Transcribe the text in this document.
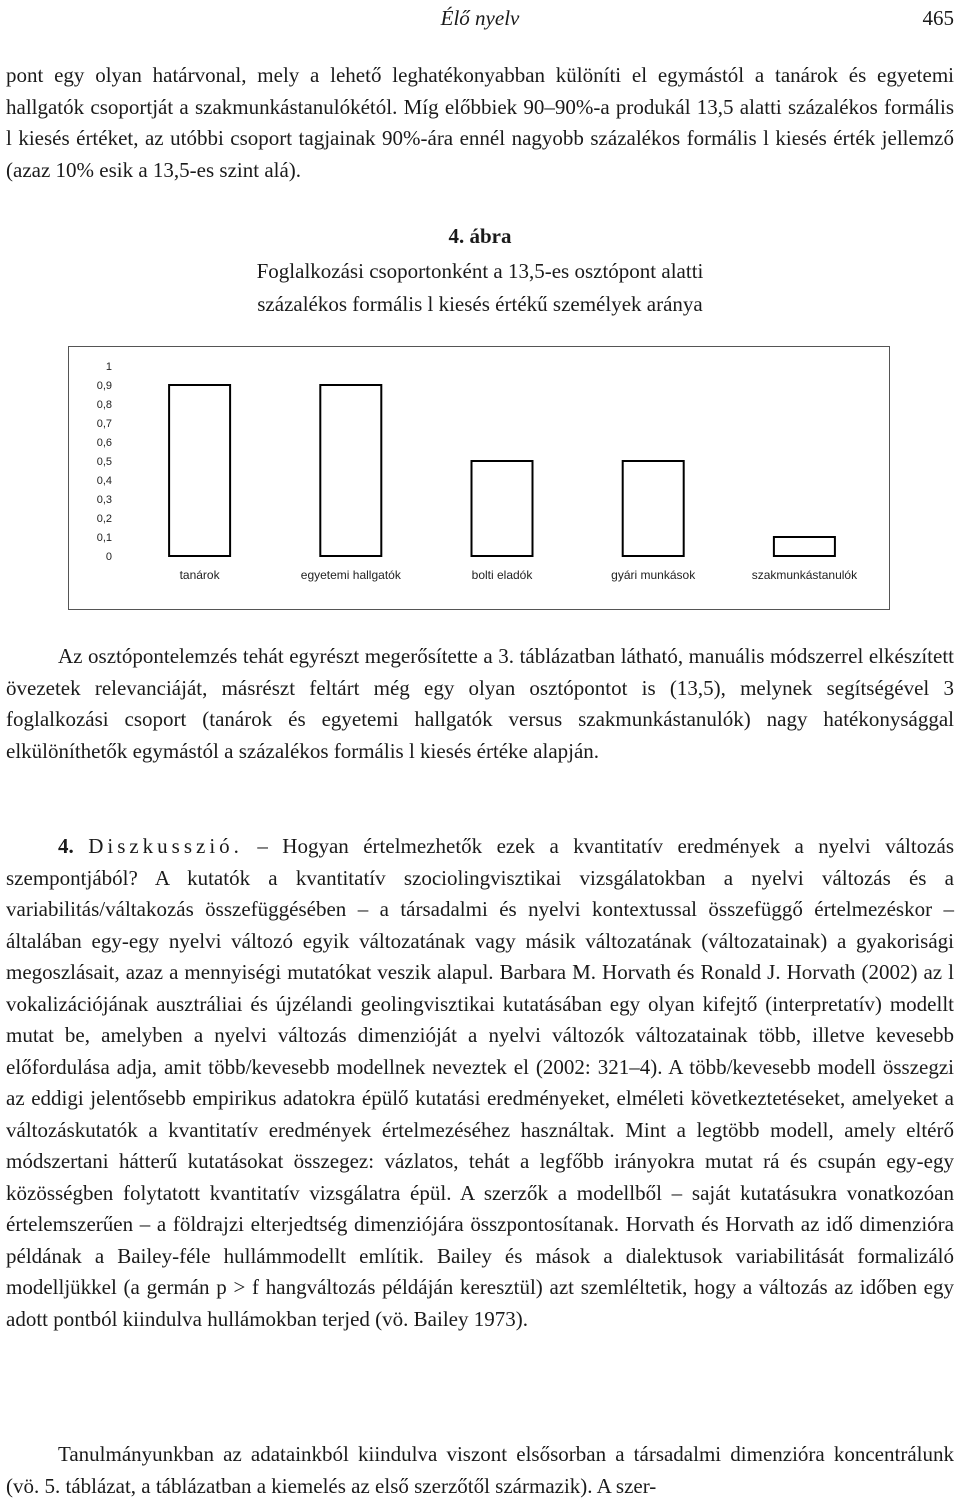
Élő nyelv	465

pont egy olyan határvonal, mely a lehető leghatékonyabban különíti el egymástól a tanárok és egyetemi hallgatók csoportját a szakmunkástanulókétól. Míg előbbiek 90–90%-a produkál 13,5 alatti százalékos formális l kiesés értéket, az utóbbi csoport tagjainak 90%-ára ennél nagyobb százalékos formális l kiesés érték jellemző (azaz 10% esik a 13,5-es szint alá).

4. ábra
Foglalkozási csoportonként a 13,5-es osztópont alatti
százalékos formális l kiesés értékű személyek aránya
1
0,9
0,8
0,7
0,6
0,5
0,4
0,3
0,2
0,1
0
tanárok	egyetemi hallgatók	bolti eladók	gyári munkások	szakmunkástanulók

Az osztópontelemzés tehát egyrészt megerősítette a 3. táblázatban látható, manuális módszerrel elkészített övezetek relevanciáját, másrészt feltárt még egy olyan osztópontot is (13,5), melynek segítségével 3 foglalkozási csoport (tanárok és egyetemi hallgatók versus szakmunkástanulók) nagy hatékonysággal elkülöníthetők egymástól a százalékos formális l kiesés értéke alapján.

4. Diszkusszió. – Hogyan értelmezhetők ezek a kvantitatív eredmények a nyelvi változás szempontjából? A kutatók a kvantitatív szociolingvisztikai vizsgálatokban a nyelvi változás és a variabilitás/váltakozás összefüggésében – a társadalmi és nyelvi kontextussal összefüggő értelmezéskor – általában egy-egy nyelvi változó egyik változatának vagy másik változatának (változatainak) a gyakorisági megoszlásait, azaz a mennyiségi mutatókat veszik alapul. Barbara M. Horvath és Ronald J. Horvath (2002) az l vokalizációjának ausztráliai és újzélandi geolingvisztikai kutatásában egy olyan kifejtő (interpretatív) modellt mutat be, amelyben a nyelvi változás dimenzióját a nyelvi változók változatainak több, illetve kevesebb előfordulása adja, amit több/kevesebb modellnek neveztek el (2002: 321–4). A több/kevesebb modell összegzi az eddigi jelentősebb empirikus adatokra épülő kutatási eredményeket, elméleti következtetéseket, amelyeket a változáskutatók a kvantitatív eredmények értelmezéséhez használtak. Mint a legtöbb modell, amely eltérő módszertani hátterű kutatásokat összegez: vázlatos, tehát a legfőbb irányokra mutat rá és csupán egy-egy közösségben folytatott kvantitatív vizsgálatra épül. A szerzők a modellből – saját kutatásukra vonatkozóan értelemszerűen – a földrajzi elterjedtség dimenziójára összpontosítanak. Horvath és Horvath az idő dimenzióra példának a Bailey-féle hullámmodellt említik. Bailey és mások a dialektusok variabilitását formalizáló modelljükkel (a germán p > f hangváltozás példáján keresztül) azt szemléltetik, hogy a változás az időben egy adott pontból kiindulva hullámokban terjed (vö. Bailey 1973).

Tanulmányunkban az adatainkból kiindulva viszont elsősorban a társadalmi dimenzióra koncentrálunk (vö. 5. táblázat, a táblázatban a kiemelés az első szerzőtől származik). A szer-
